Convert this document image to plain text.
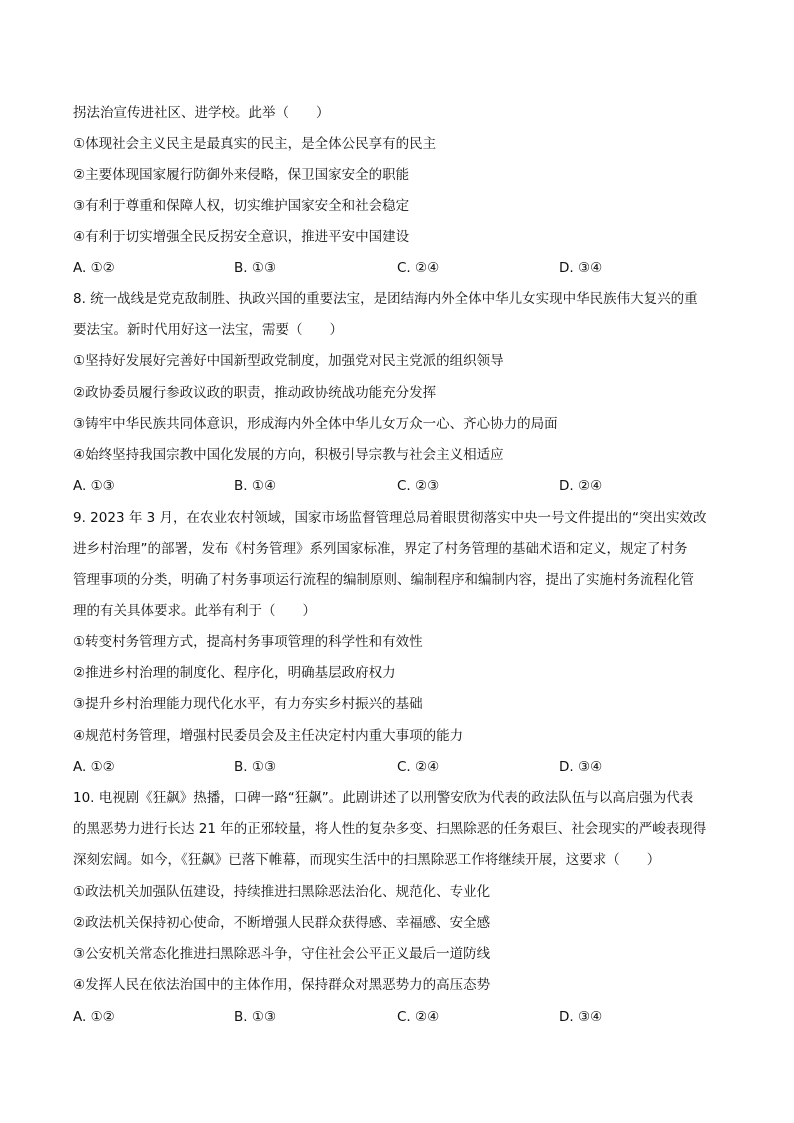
拐法治宣传进社区、进学校。此举（　　）
①体现社会主义民主是最真实的民主，是全体公民享有的民主
②主要体现国家履行防御外来侵略，保卫国家安全的职能
③有利于尊重和保障人权，切实维护国家安全和社会稳定
④有利于切实增强全民反拐安全意识，推进平安中国建设
A. ①②	B. ①③	C. ②④	D. ③④
8. 统一战线是党克敌制胜、执政兴国的重要法宝，是团结海内外全体中华儿女实现中华民族伟大复兴的重
要法宝。新时代用好这一法宝，需要（　　）
①坚持好发展好完善好中国新型政党制度，加强党对民主党派的组织领导
②政协委员履行参政议政的职责，推动政协统战功能充分发挥
③铸牢中华民族共同体意识，形成海内外全体中华儿女万众一心、齐心协力的局面
④始终坚持我国宗教中国化发展的方向，积极引导宗教与社会主义相适应
A. ①③	B. ①④	C. ②③	D. ②④
9. 2023 年 3 月，在农业农村领域，国家市场监督管理总局着眼贯彻落实中央一号文件提出的“突出实效改
进乡村治理”的部署，发布《村务管理》系列国家标准，界定了村务管理的基础术语和定义，规定了村务
管理事项的分类，明确了村务事项运行流程的编制原则、编制程序和编制内容，提出了实施村务流程化管
理的有关具体要求。此举有利于（　　）
①转变村务管理方式，提高村务事项管理的科学性和有效性
②推进乡村治理的制度化、程序化，明确基层政府权力
③提升乡村治理能力现代化水平，有力夯实乡村振兴的基础
④规范村务管理，增强村民委员会及主任决定村内重大事项的能力
A. ①②	B. ①③	C. ②④	D. ③④
10. 电视剧《狂飙》热播，口碑一路“狂飙”。此剧讲述了以刑警安欣为代表的政法队伍与以高启强为代表
的黑恶势力进行长达 21 年的正邪较量，将人性的复杂多变、扫黑除恶的任务艰巨、社会现实的严峻表现得
深刻宏阔。如今，《狂飙》已落下帷幕，而现实生活中的扫黑除恶工作将继续开展，这要求（　　）
①政法机关加强队伍建设，持续推进扫黑除恶法治化、规范化、专业化
②政法机关保持初心使命，不断增强人民群众获得感、幸福感、安全感
③公安机关常态化推进扫黑除恶斗争，守住社会公平正义最后一道防线
④发挥人民在依法治国中的主体作用，保持群众对黑恶势力的高压态势
A. ①②	B. ①③	C. ②④	D. ③④
